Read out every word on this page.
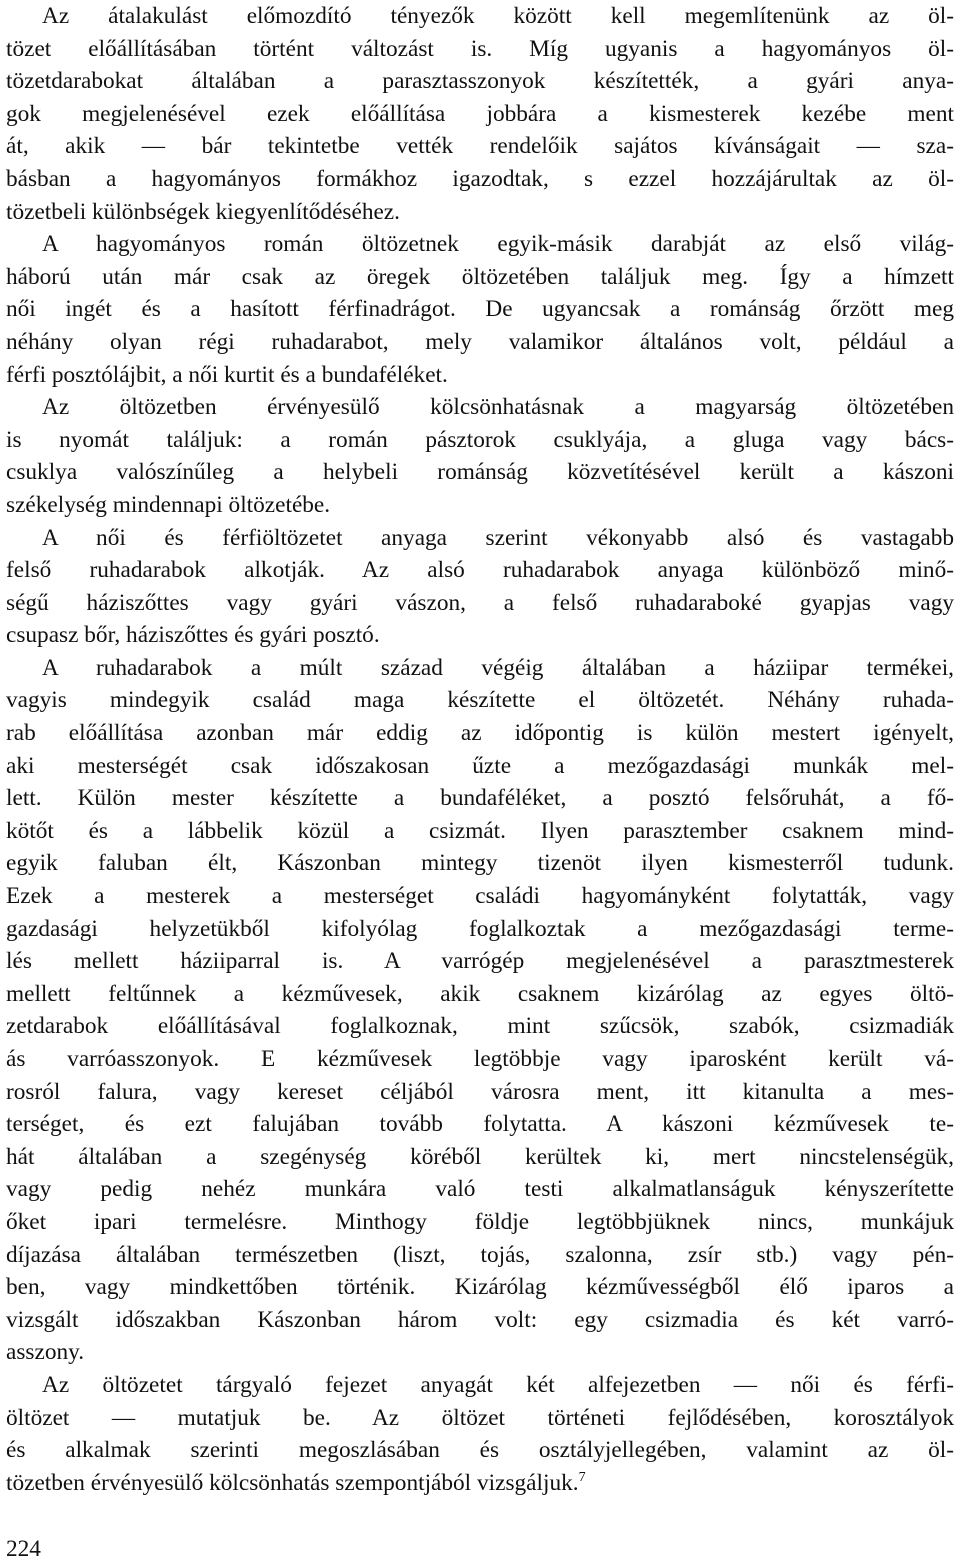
Az átalakulást előmozdító tényezők között kell megemlítenünk az öl-
tözet előállításában történt változást is. Míg ugyanis a hagyományos öl-
tözetdarabokat általában a parasztasszonyok készítették, a gyári anya-
gok megjelenésével ezek előállítása jobbára a kismesterek kezébe ment
át, akik — bár tekintetbe vették rendelőik sajátos kívánságait — sza-
básban a hagyományos formákhoz igazodtak, s ezzel hozzájárultak az öl-
tözetbeli különbségek kiegyenlítődéséhez.
A hagyományos román öltözetnek egyik-másik darabját az első világ-
háború után már csak az öregek öltözetében találjuk meg. Így a hímzett
női ingét és a hasított férfinadrágot. De ugyancsak a románság őrzött meg
néhány olyan régi ruhadarabot, mely valamikor általános volt, például a
férfi posztólájbit, a női kurtit és a bundaféléket.
Az öltözetben érvényesülő kölcsönhatásnak a magyarság öltözetében
is nyomát találjuk: a román pásztorok csuklyája, a gluga vagy bács-
csuklya valószínűleg a helybeli románság közvetítésével került a kászoni
székelység mindennapi öltözetébe.
A női és férfiöltözetet anyaga szerint vékonyabb alsó és vastagabb
felső ruhadarabok alkotják. Az alsó ruhadarabok anyaga különböző minő-
ségű háziszőttes vagy gyári vászon, a felső ruhadaraboké gyapjas vagy
csupasz bőr, háziszőttes és gyári posztó.
A ruhadarabok a múlt század végéig általában a háziipar termékei,
vagyis mindegyik család maga készítette el öltözetét. Néhány ruhada-
rab előállítása azonban már eddig az időpontig is külön mestert igényelt,
aki mesterségét csak időszakosan űzte a mezőgazdasági munkák mel-
lett. Külön mester készítette a bundaféléket, a posztó felsőruhát, a fő-
kötőt és a lábbelik közül a csizmát. Ilyen parasztember csaknem mind-
egyik faluban élt, Kászonban mintegy tizenöt ilyen kismesterről tudunk.
Ezek a mesterek a mesterséget családi hagyományként folytatták, vagy
gazdasági helyzetükből kifolyólag foglalkoztak a mezőgazdasági terme-
lés mellett háziiparral is. A varrógép megjelenésével a parasztmesterek
mellett feltűnnek a kézművesek, akik csaknem kizárólag az egyes öltö-
zetdarabok előállításával foglalkoznak, mint szűcsök, szabók, csizmadiák
ás varróasszonyok. E kézművesek legtöbbje vagy iparosként került vá-
rosról falura, vagy kereset céljából városra ment, itt kitanulta a mes-
terséget, és ezt falujában tovább folytatta. A kászoni kézművesek te-
hát általában a szegénység köréből kerültek ki, mert nincstelenségük,
vagy pedig nehéz munkára való testi alkalmatlanságuk kényszerítette
őket ipari termelésre. Minthogy földje legtöbbjüknek nincs, munkájuk
díjazása általában természetben (liszt, tojás, szalonna, zsír stb.) vagy pén-
ben, vagy mindkettőben történik. Kizárólag kézművességből élő iparos a
vizsgált időszakban Kászonban három volt: egy csizmadia és két varró-
asszony.
Az öltözetet tárgyaló fejezet anyagát két alfejezetben — női és férfi-
öltözet — mutatjuk be. Az öltözet történeti fejlődésében, korosztályok
és alkalmak szerinti megoszlásában és osztályjellegében, valamint az öl-
tözetben érvényesülő kölcsönhatás szempontjából vizsgáljuk.$^7$
224
